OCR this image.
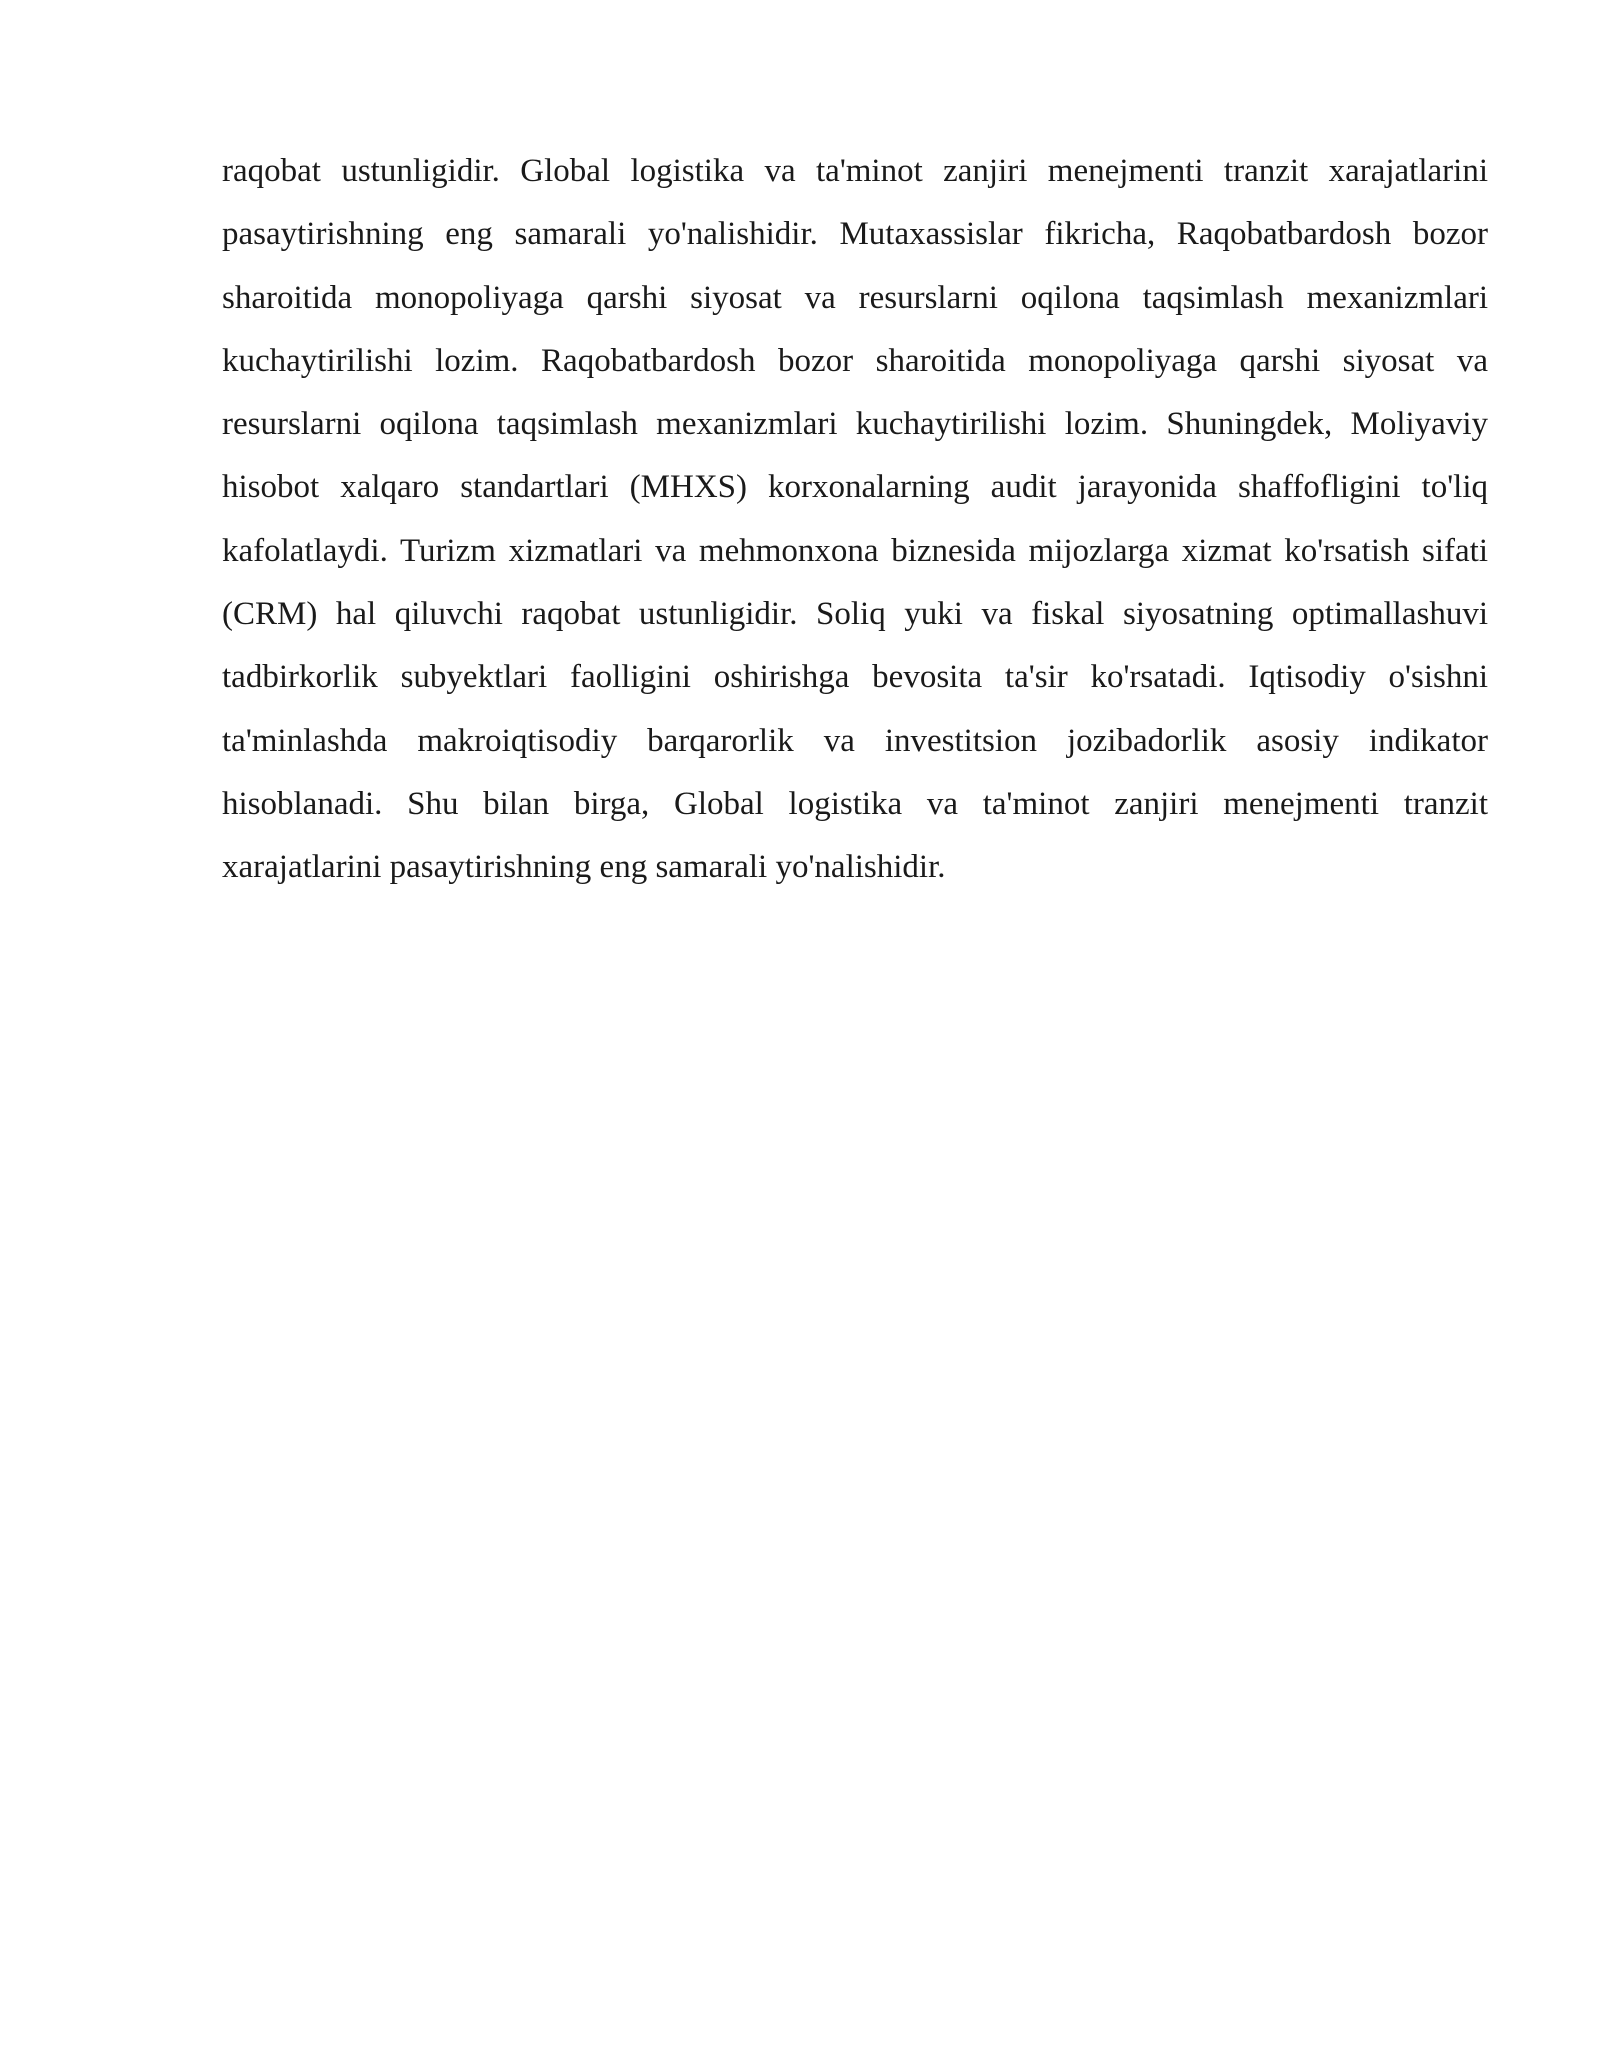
raqobat ustunligidir. Global logistika va ta'minot zanjiri menejmenti tranzit xarajatlarini pasaytirishning eng samarali yo'nalishidir. Mutaxassislar fikricha, Raqobatbardosh bozor sharoitida monopoliyaga qarshi siyosat va resurslarni oqilona taqsimlash mexanizmlari kuchaytirilishi lozim. Raqobatbardosh bozor sharoitida monopoliyaga qarshi siyosat va resurslarni oqilona taqsimlash mexanizmlari kuchaytirilishi lozim. Shuningdek, Moliyaviy hisobot xalqaro standartlari (MHXS) korxonalarning audit jarayonida shaffofligini to'liq kafolatlaydi. Turizm xizmatlari va mehmonxona biznesida mijozlarga xizmat ko'rsatish sifati (CRM) hal qiluvchi raqobat ustunligidir. Soliq yuki va fiskal siyosatning optimallashuvi tadbirkorlik subyektlari faolligini oshirishga bevosita ta'sir ko'rsatadi. Iqtisodiy o'sishni ta'minlashda makroiqtisodiy barqarorlik va investitsion jozibadorlik asosiy indikator hisoblanadi. Shu bilan birga, Global logistika va ta'minot zanjiri menejmenti tranzit xarajatlarini pasaytirishning eng samarali yo'nalishidir.
